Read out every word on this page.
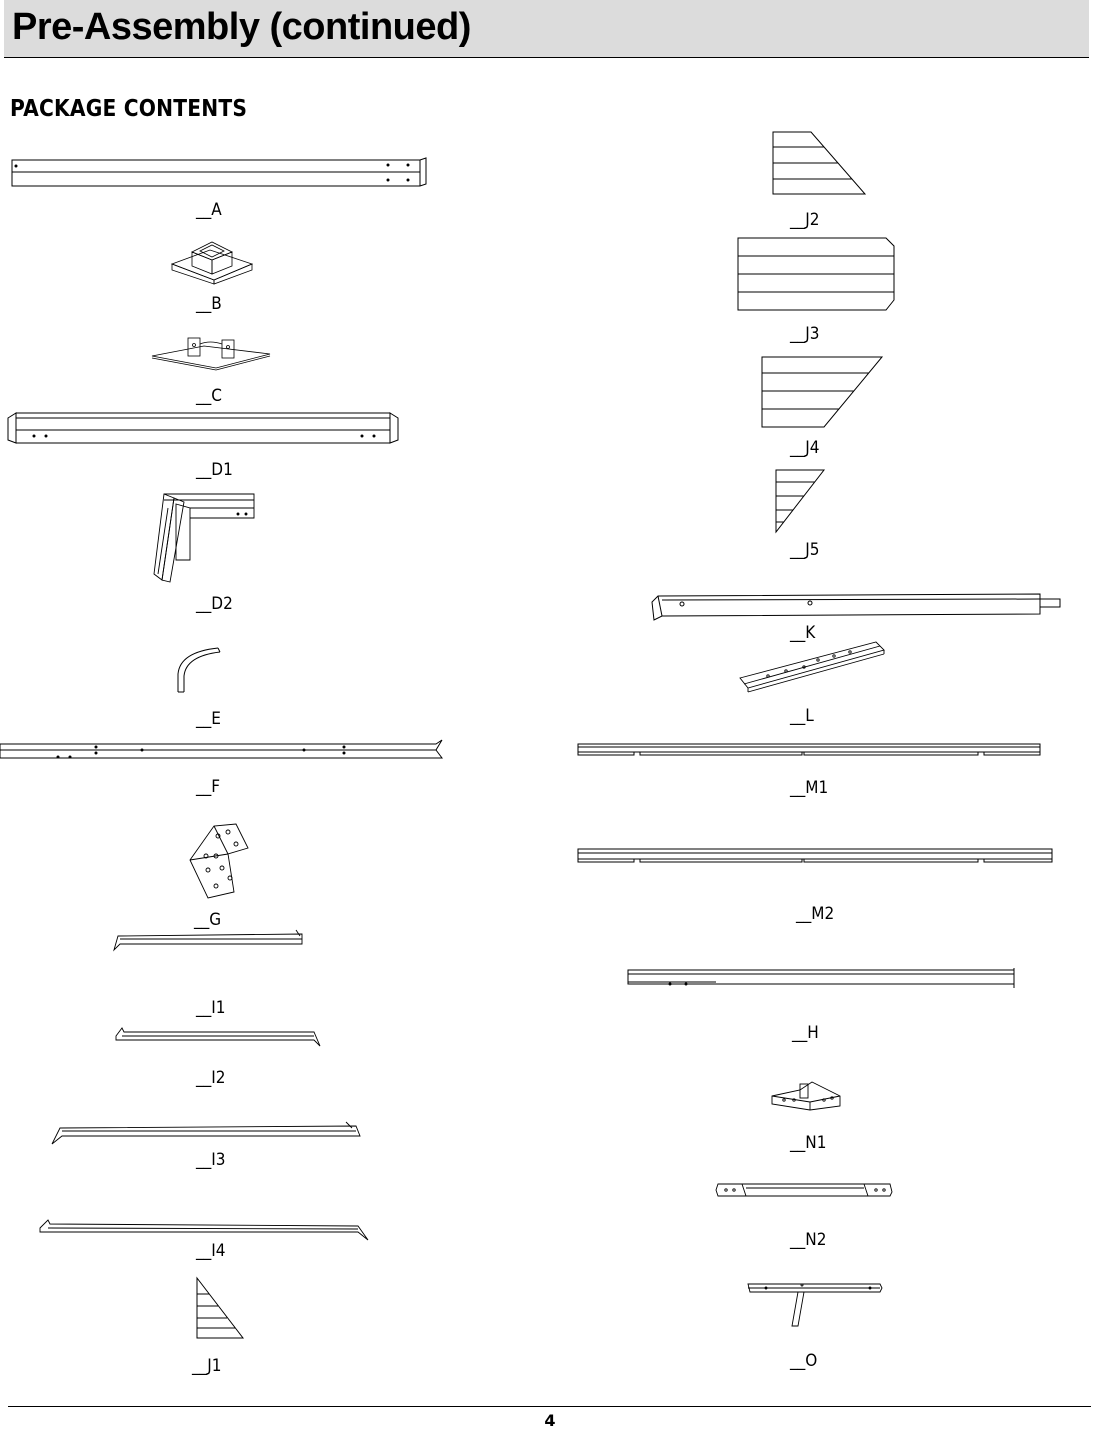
Pre-Assembly (continued)
PACKAGE CONTENTS
__A
__B
__C
__D1
__D2
__E
__F
__G
__I1
__I2
__I3
__I4
__J1
__J2
__J3
__J4
__J5
__K
__L
__M1
__M2
__H
__N1
__N2
__O
4
